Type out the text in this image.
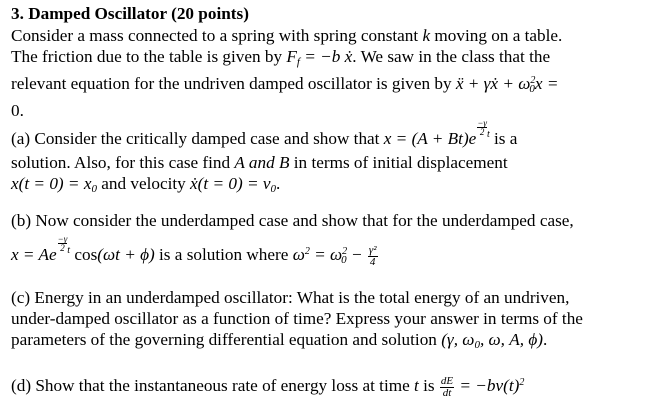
3. Damped Oscillator (20 points)
Consider a mass connected to a spring with spring constant k moving on a table.
The friction due to the table is given by $F_f = -b$ ẋ. We saw in the class that the
relevant equation for the undriven damped oscillator is given by ẍ + γẋ + $\omega^2_0x$ =
0.
(a) Consider the critically damped case and show that x = (A + Bt)e
$\frac{-\gamma}{2} ^t$ is a
solution. Also, for this case find A and B in terms of initial displacement
$x(t = 0) = x_0$ and velocity ẋ(t = $0) = v_0$.
(b) Now consider the underdamped case and show that for the underdamped case,
x = Ae
$\frac{-\gamma}{2} ^t$ cos(ωt + ϕ) is a solution where $\omega^2 = \omega^2_0 - \frac{\text{γ²}}{4}$
(c) Energy in an underdamped oscillator: What is the total energy of an undriven,
under-damped oscillator as a function of time? Express your answer in terms of the
parameters of the governing differential equation and solution (γ, $\omega_0$, ω, A, ϕ).
(d) Show that the instantaneous rate of energy loss at time t is $\frac{dE}{dt} = -bv(t)^2$
